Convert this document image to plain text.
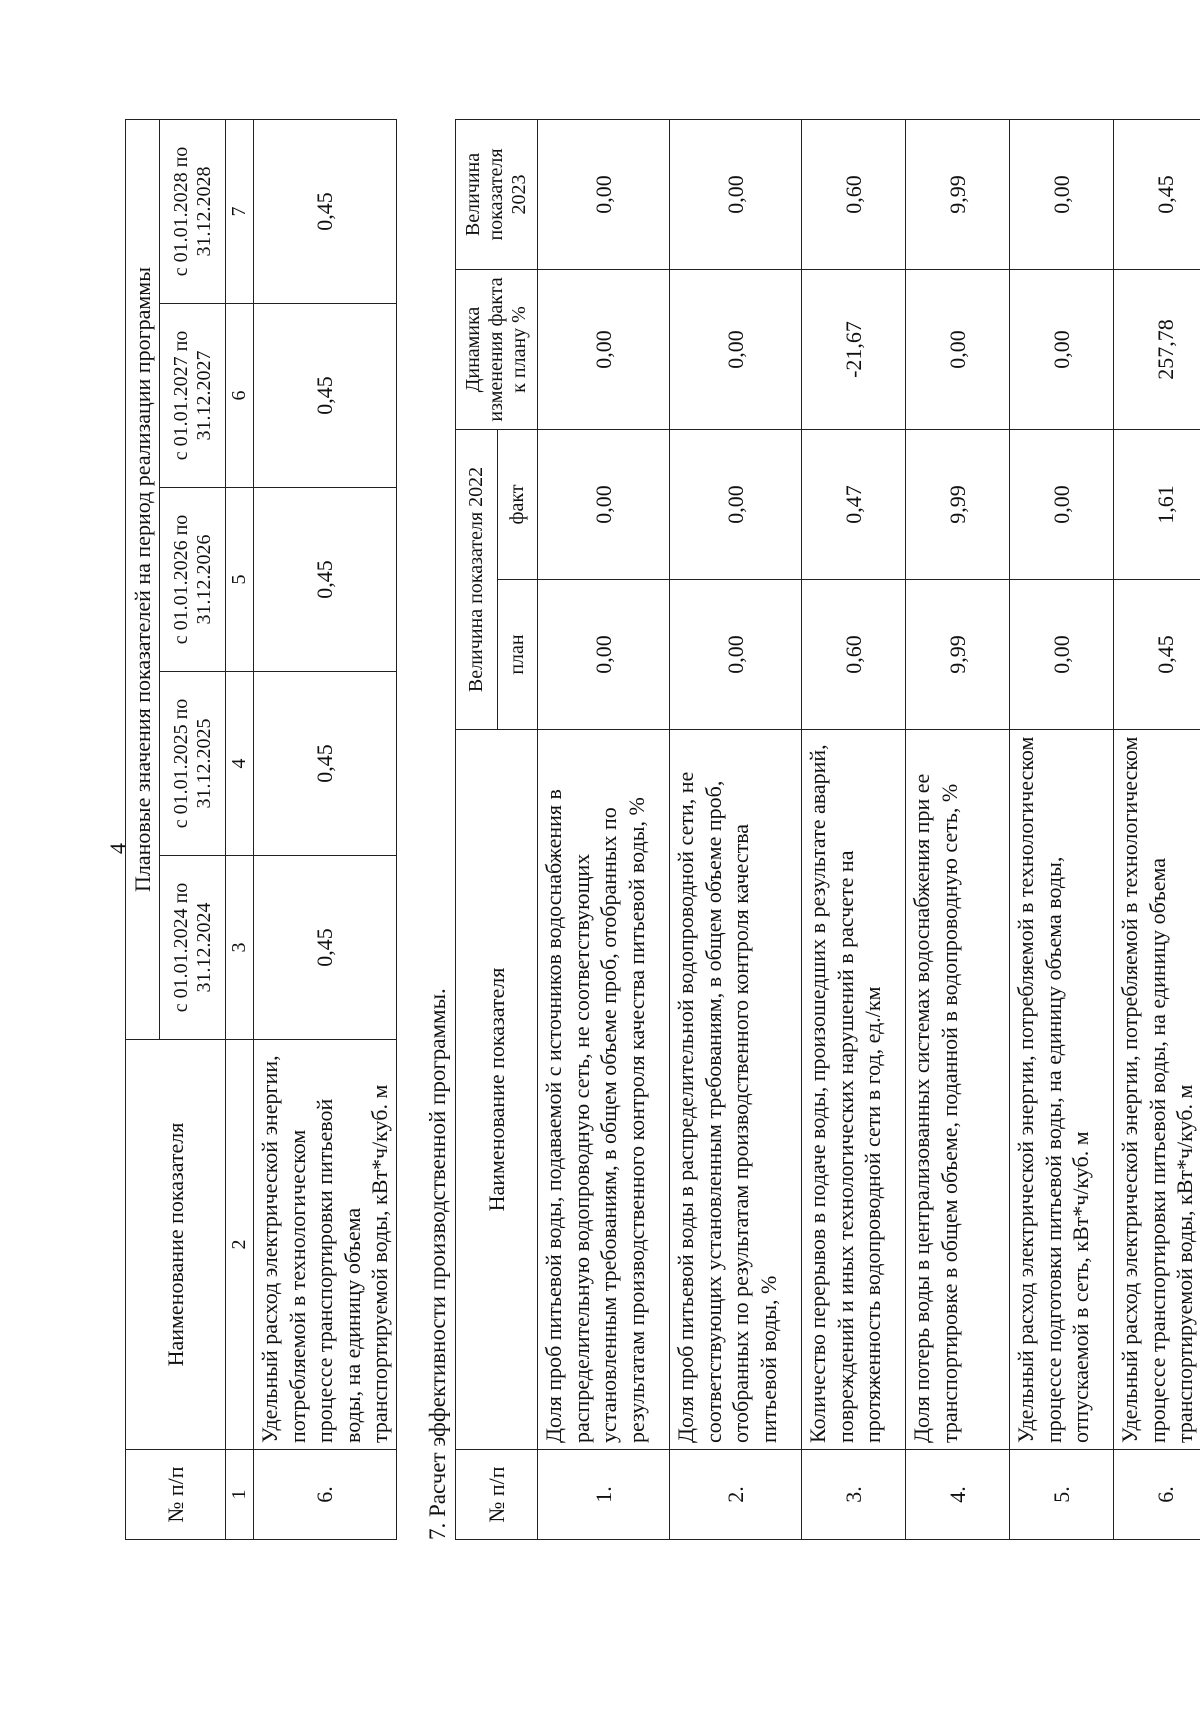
4
№ п/п	Наименование показателя	Плановые значения показателей на период реализации программы				
		с 01.01.2024 по 31.12.2024	с 01.01.2025 по 31.12.2025	с 01.01.2026 по 31.12.2026	с 01.01.2027 по 31.12.2027	с 01.01.2028 по 31.12.2028
1	2	3	4	5	6	7
6.	Удельный расход электрической энергии, потребляемой в технологическом процессе транспортировки питьевой воды, на единицу объема транспортируемой воды, кВт*ч/куб. м	0,45	0,45	0,45	0,45	0,45
7. Расчет эффективности производственной программы. № п/п	Наименование показателя	Величина показателя 2022		Динамика изменения факта к плану %	Величина показателя 2023
		план	факт		
1.	Доля проб питьевой воды, подаваемой с источников водоснабжения в распределительную водопроводную сеть, не соответствующих установленным требованиям, в общем объеме проб, отобранных по результатам производственного контроля качества питьевой воды, %	0,00	0,00	0,00	0,00
2.	Доля проб питьевой воды в распределительной водопроводной сети, не соответствующих установленным требованиям, в общем объеме проб, отобранных по результатам производственного контроля качества питьевой воды, %	0,00	0,00	0,00	0,00
3.	Количество перерывов в подаче воды, произошедших в результате аварий, повреждений и иных технологических нарушений в расчете на протяженность водопроводной сети в год, ед./км	0,60	0,47	-21,67	0,60
4.	Доля потерь воды в централизованных системах водоснабжения при ее транспортировке в общем объеме, поданной в водопроводную сеть, %	9,99	9,99	0,00	9,99
5.	Удельный расход электрической энергии, потребляемой в технологическом процессе подготовки питьевой воды, на единицу объема воды, отпускаемой в сеть, кВт*ч/куб. м	0,00	0,00	0,00	0,00
6.	Удельный расход электрической энергии, потребляемой в технологическом процессе транспортировки питьевой воды, на единицу объема транспортируемой воды, кВт*ч/куб. м	0,45	1,61	257,78	0,45
